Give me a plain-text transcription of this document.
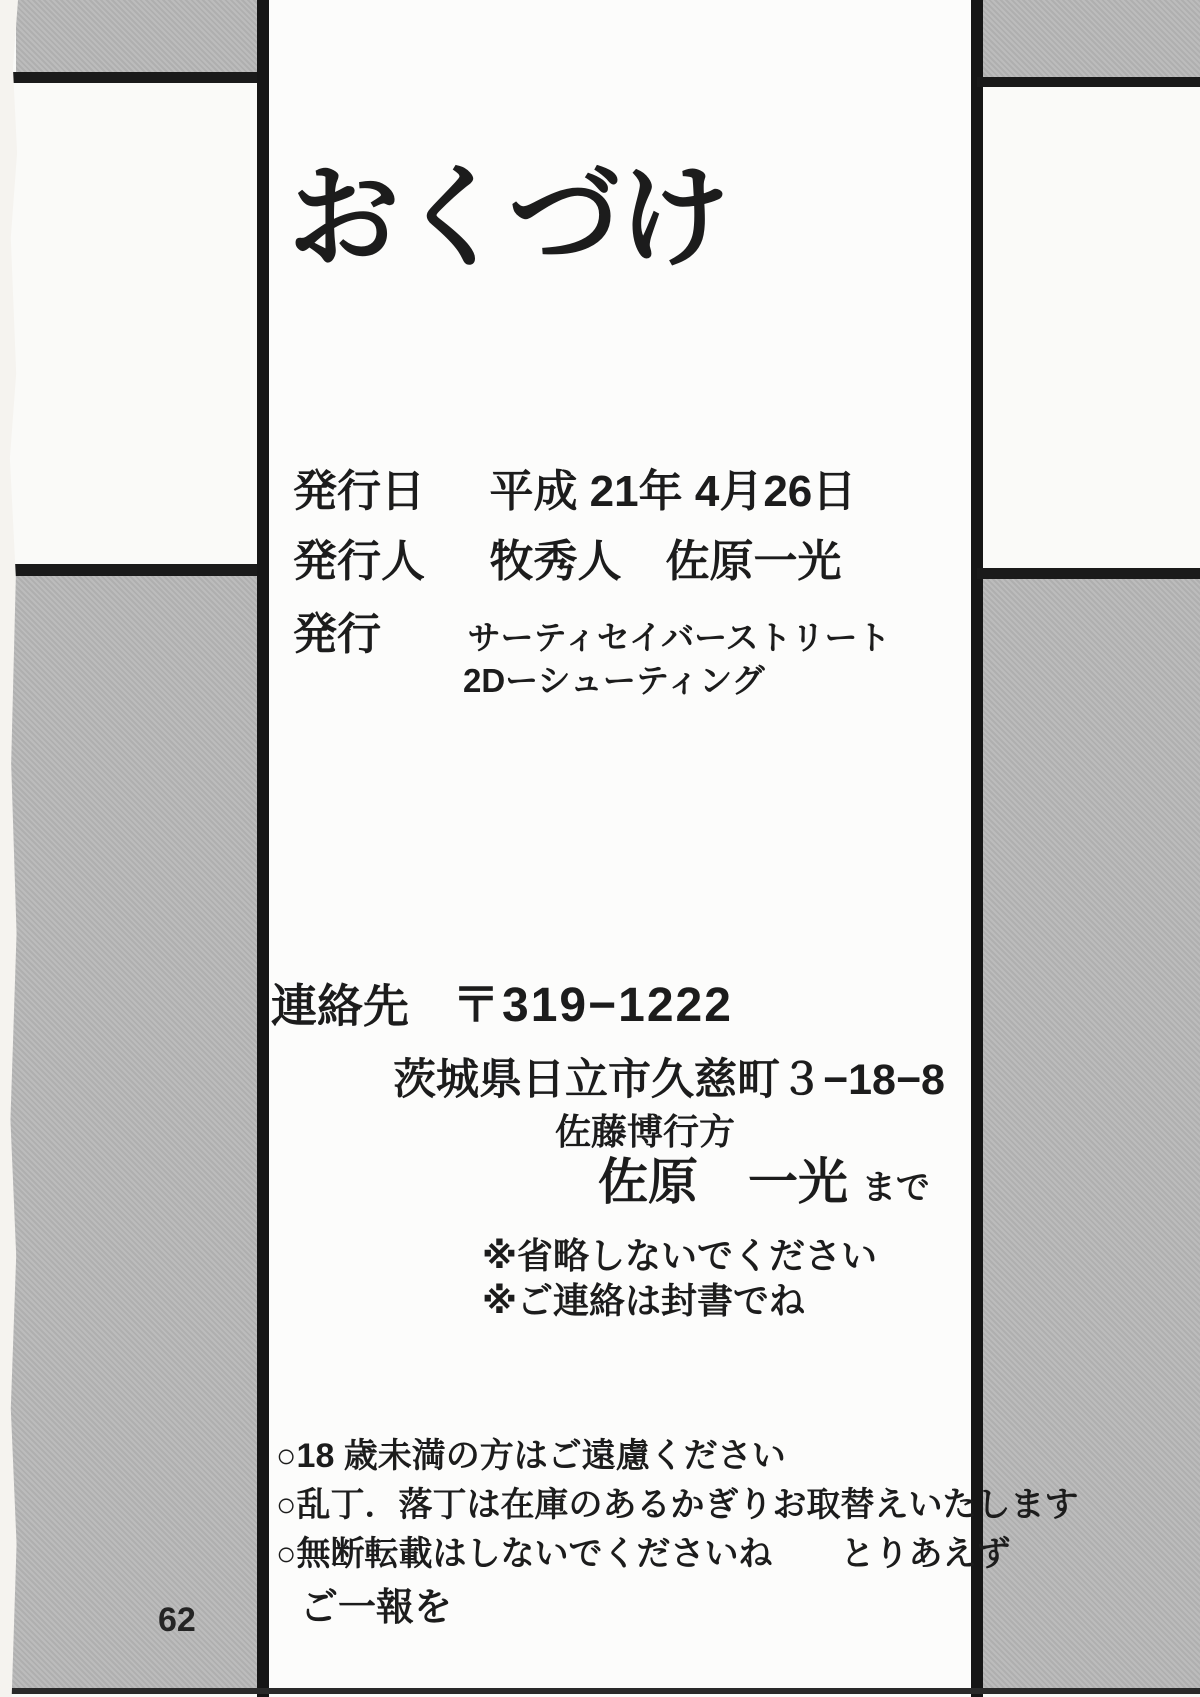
おくづけ
発行日 平成 21年 4月26日
発行人 牧秀人　佐原一光
発行	サーティセイバーストリート
2Dーシューティング
連絡先 〒319−1222
茨城県日立市久慈町３−18−8
佐藤博行方
佐原　一光 まで
※省略しないでください
※ご連絡は封書でね
○18 歳未満の方はご遠慮ください
○乱丁．落丁は在庫のあるかぎりお取替えいたします
○無断転載はしないでくださいね　　とりあえず
ご一報を
62
